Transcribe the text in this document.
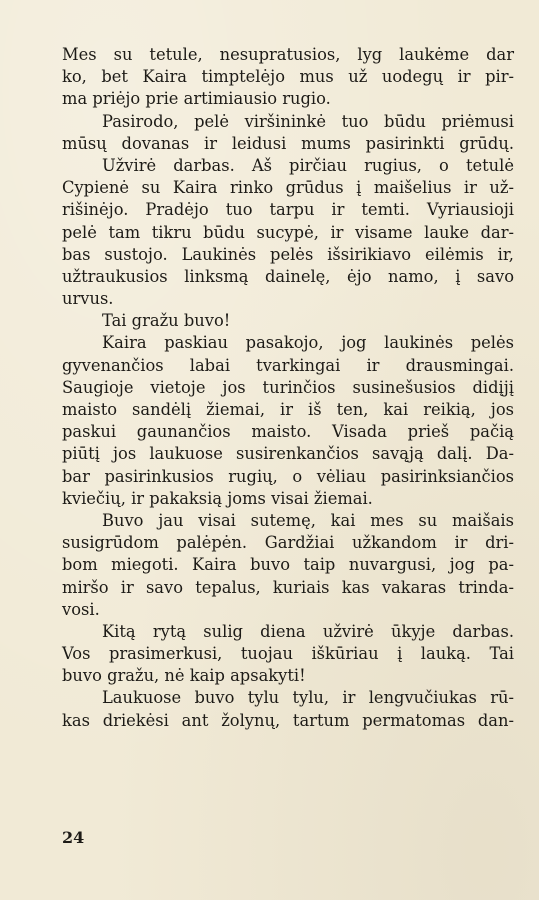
Mes su tetule, nesupratusios, lyg laukėme dar
ko, bet Kaira timptelėjo mus už uodegų ir pir-
ma priėjo prie artimiausio rugio.
Pasirodo, pelė viršininkė tuo būdu priėmusi
mūsų dovanas ir leidusi mums pasirinkti grūdų.
Užvirė darbas. Aš pirčiau rugius, o tetulė
Cypienė su Kaira rinko grūdus į maišelius ir už-
rišinėjo. Pradėjo tuo tarpu ir temti. Vyriausioji
pelė tam tikru būdu sucypė, ir visame lauke dar-
bas sustojo. Laukinės pelės išsirikiavo eilėmis ir,
užtraukusios linksmą dainelę, ėjo namo, į savo
urvus.
Tai gražu buvo!
Kaira paskiau pasakojo, jog laukinės pelės
gyvenančios labai tvarkingai ir drausmingai.
Saugioje vietoje jos turinčios susinešusios didįjį
maisto sandėlį žiemai, ir iš ten, kai reikią, jos
paskui gaunančios maisto. Visada prieš pačią
piūtį jos laukuose susirenkančios savąją dalį. Da-
bar pasirinkusios rugių, o vėliau pasirinksiančios
kviečių, ir pakaksią joms visai žiemai.
Buvo jau visai sutemę, kai mes su maišais
susigrūdom palėpėn. Gardžiai užkandom ir dri-
bom miegoti. Kaira buvo taip nuvargusi, jog pa-
miršo ir savo tepalus, kuriais kas vakaras trinda-
vosi.
Kitą rytą sulig diena užvirė ūkyje darbas.
Vos prasimerkusi, tuojau iškūriau į lauką. Tai
buvo gražu, nė kaip apsakyti!
Laukuose buvo tylu tylu, ir lengvučiukas rū-
kas driekėsi ant žolynų, tartum permatomas dan-
24
